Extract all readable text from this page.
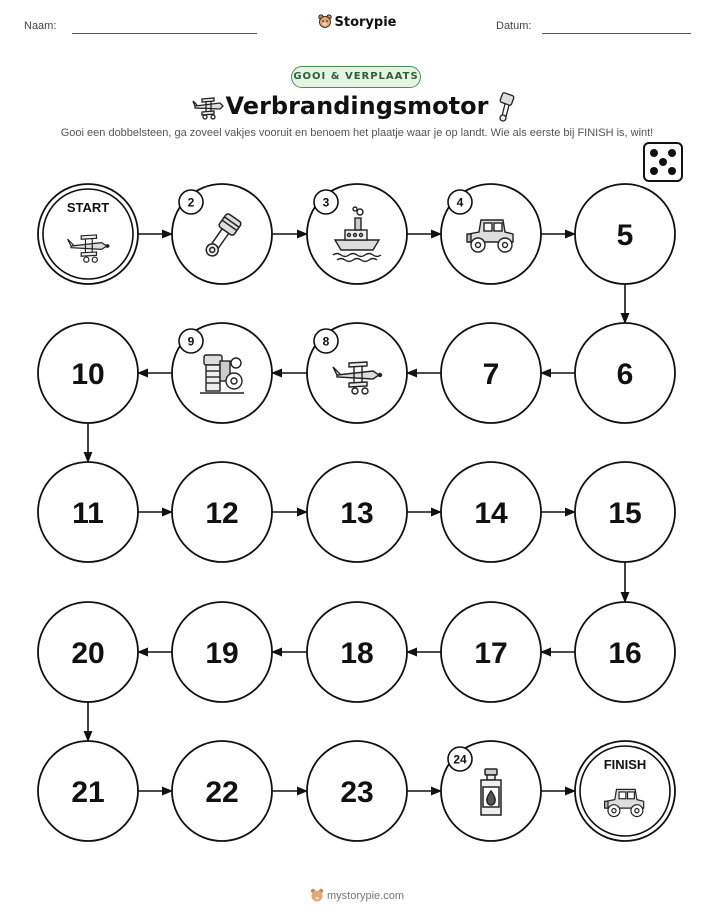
Naam:	Storypie	Datum:
GOOI & VERPLAATS
Verbrandingsmotor
Gooi een dobbelsteen, ga zoveel vakjes vooruit en benoem het plaatje waar je op landt. Wie als eerste bij FINISH is, wint!
START	2	3	4
5
6
7
8
9
10
11	12	13	14	15
16
17
18
19
20
21	22	23
24	FINISH
mystorypie.com
